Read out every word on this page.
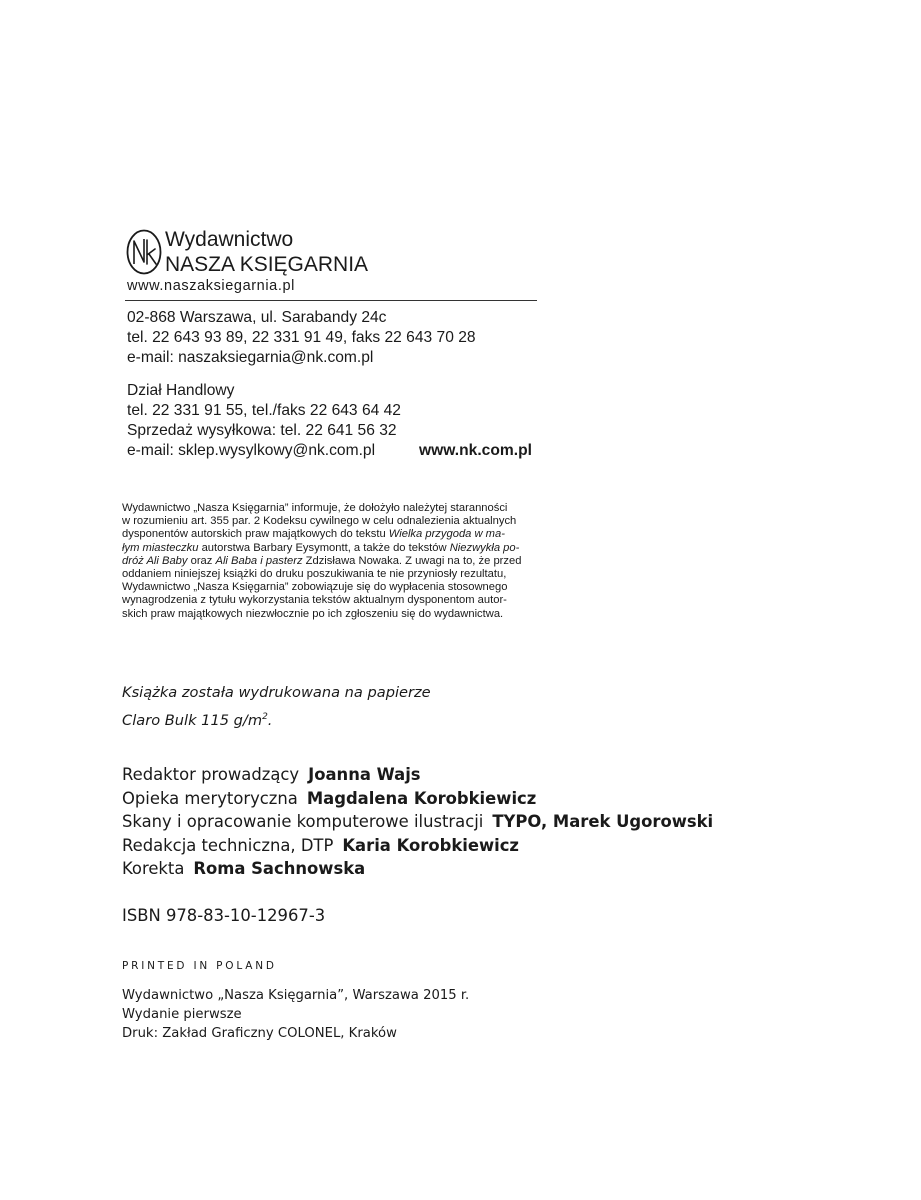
Wydawnictwo
NASZA KSIĘGARNIA
www.naszaksiegarnia.pl
02-868 Warszawa, ul. Sarabandy 24c
tel. 22 643 93 89, 22 331 91 49, faks 22 643 70 28
e-mail: naszaksiegarnia@nk.com.pl
Dział Handlowy
tel. 22 331 91 55, tel./faks 22 643 64 42
Sprzedaż wysyłkowa: tel. 22 641 56 32
e-mail: sklep.wysylkowy@nk.com.pl	www.nk.com.pl
Wydawnictwo „Nasza Księgarnia” informuje, że dołożyło należytej staranności
w rozumieniu art. 355 par. 2 Kodeksu cywilnego w celu odnalezienia aktualnych
dysponentów autorskich praw majątkowych do tekstu Wielka przygoda w ma-
łym miasteczku autorstwa Barbary Eysymontt, a także do tekstów Niezwykła po-
dróż Ali Baby oraz Ali Baba i pasterz Zdzisława Nowaka. Z uwagi na to, że przed
oddaniem niniejszej książki do druku poszukiwania te nie przyniosły rezultatu,
Wydawnictwo „Nasza Księgarnia” zobowiązuje się do wypłacenia stosownego
wynagrodzenia z tytułu wykorzystania tekstów aktualnym dysponentom autor-
skich praw majątkowych niezwłocznie po ich zgłoszeniu się do wydawnictwa.
Książka została wydrukowana na papierze
Claro Bulk 115 $g/m^2$.
Redaktor prowadzący Joanna Wajs
Opieka merytoryczna Magdalena Korobkiewicz
Skany i opracowanie komputerowe ilustracji TYPO, Marek Ugorowski
Redakcja techniczna, DTP Karia Korobkiewicz
Korekta Roma Sachnowska
ISBN 978-83-10-12967-3
PRINTED IN POLAND
Wydawnictwo „Nasza Księgarnia”, Warszawa 2015 r.
Wydanie pierwsze
Druk: Zakład Graficzny COLONEL, Kraków
